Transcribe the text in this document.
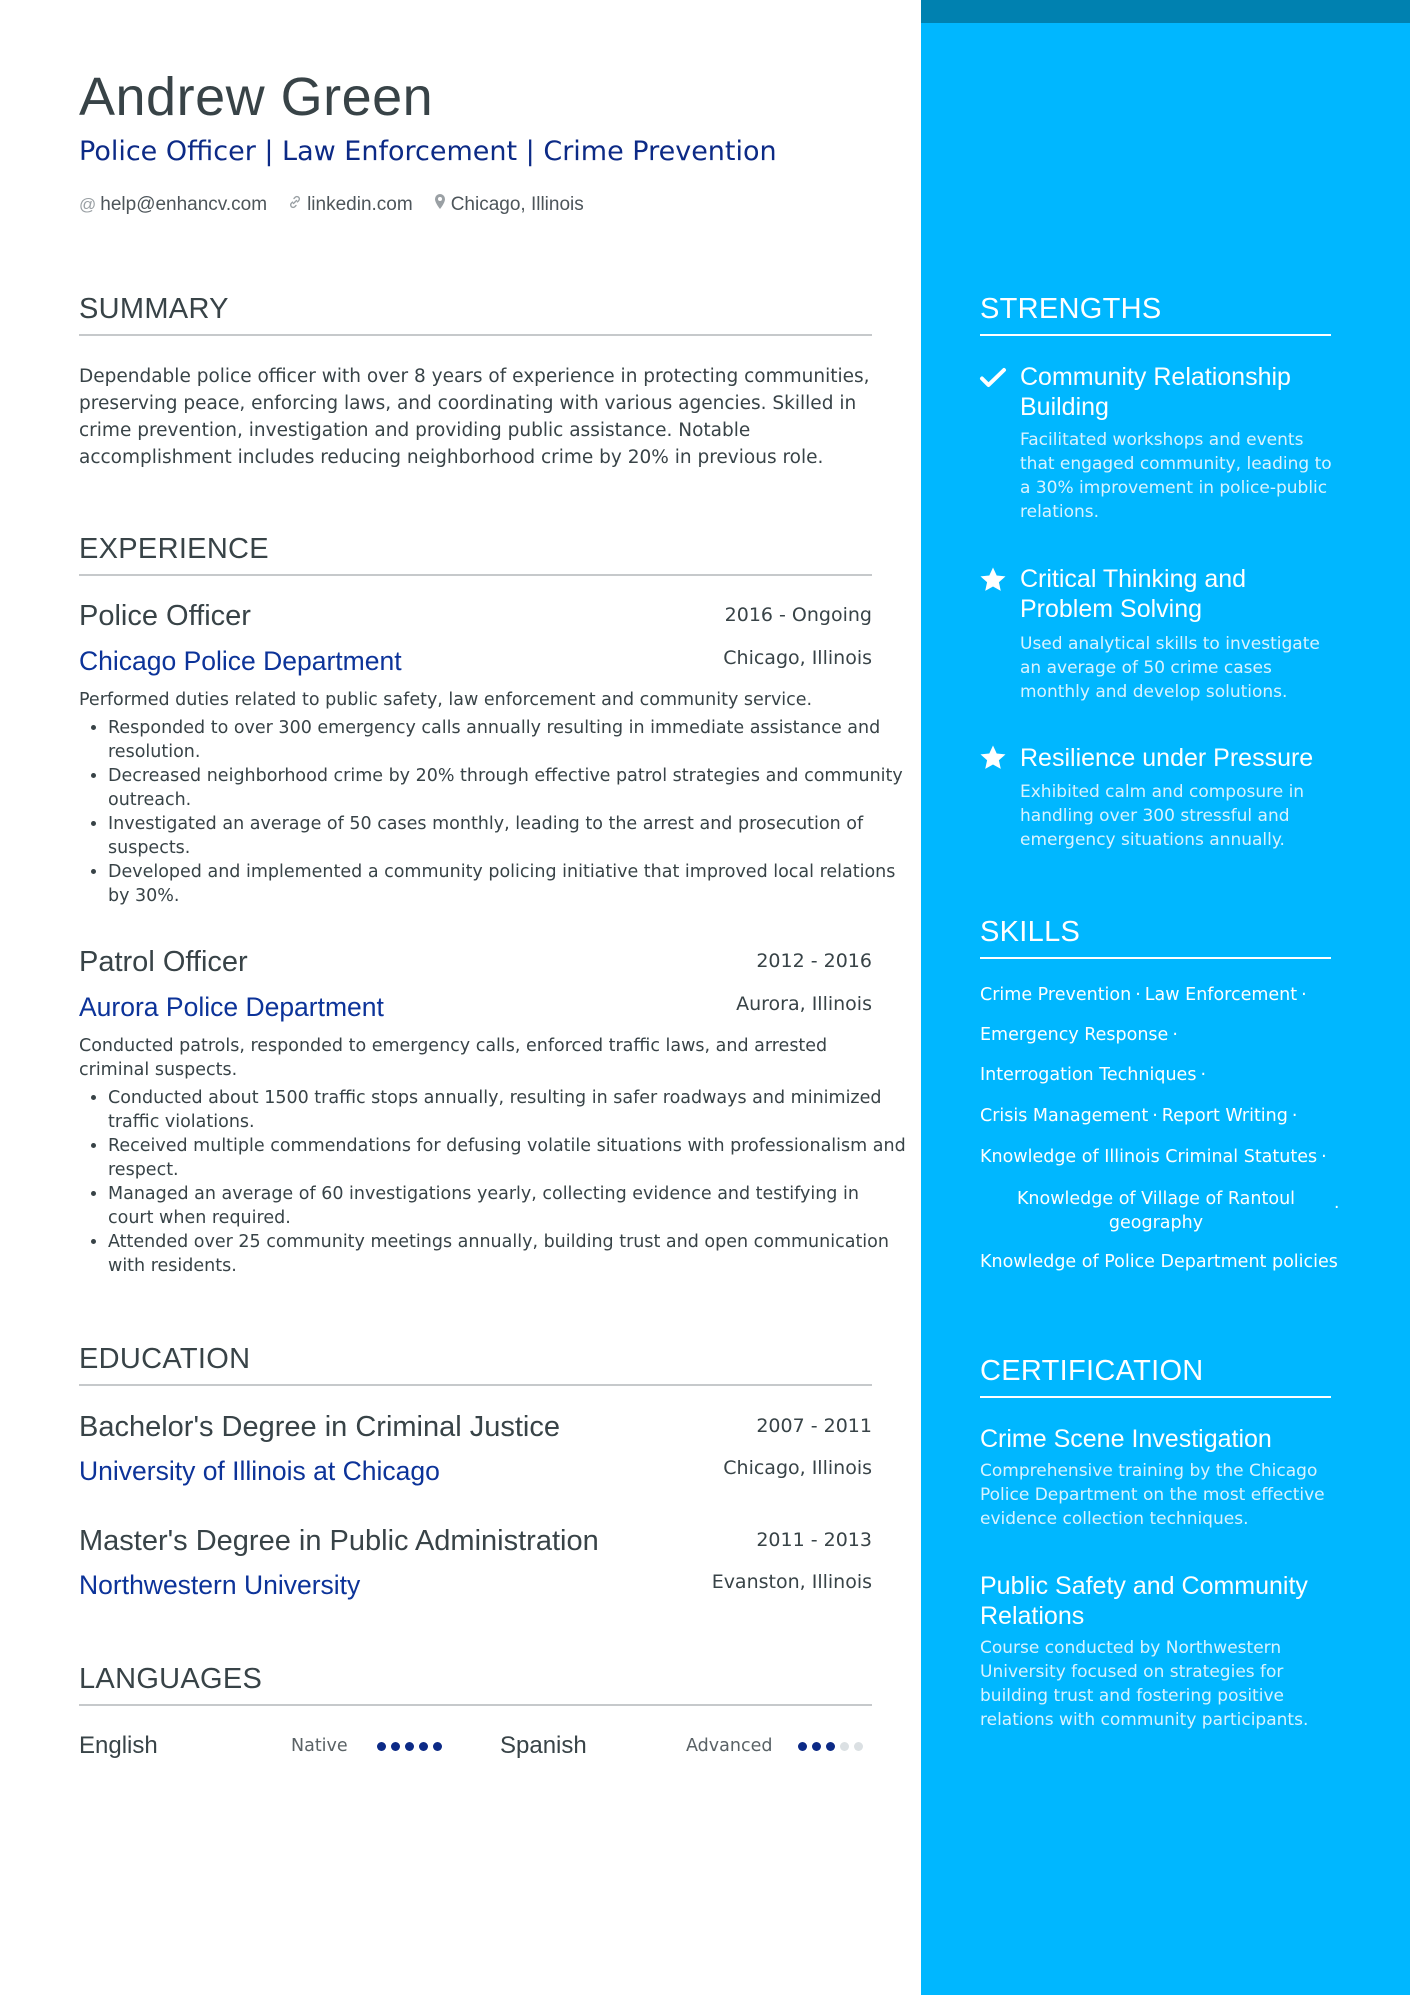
Andrew Green
Police Officer | Law Enforcement | Crime Prevention
@ help@enhancv.com linkedin.com Chicago, Illinois
SUMMARY

Dependable police officer with over 8 years of experience in protecting communities, preserving peace, enforcing laws, and coordinating with various agencies. Skilled in crime prevention, investigation and providing public assistance. Notable accomplishment includes reducing neighborhood crime by 20% in previous role.

EXPERIENCE
Police Officer	2016 - Ongoing
Chicago Police Department	Chicago, Illinois

Performed duties related to public safety, law enforcement and community service.

• Responded to over 300 emergency calls annually resulting in immediate assistance and resolution.
• Decreased neighborhood crime by 20% through effective patrol strategies and community outreach.
• Investigated an average of 50 cases monthly, leading to the arrest and prosecution of suspects.
• Developed and implemented a community policing initiative that improved local relations by 30%.
Patrol Officer	2012 - 2016
Aurora Police Department	Aurora, Illinois

Conducted patrols, responded to emergency calls, enforced traffic laws, and arrested criminal suspects.

• Conducted about 1500 traffic stops annually, resulting in safer roadways and minimized traffic violations.
• Received multiple commendations for defusing volatile situations with professionalism and respect.
• Managed an average of 60 investigations yearly, collecting evidence and testifying in court when required.
• Attended over 25 community meetings annually, building trust and open communication with residents.
EDUCATION
Bachelor's Degree in Criminal Justice	2007 - 2011
University of Illinois at Chicago	Chicago, Illinois
Master's Degree in Public Administration	2011 - 2013
Northwestern University	Evanston, Illinois
LANGUAGES
English	Native	Spanish	Advanced
STRENGTHS
Community Relationship Building

Facilitated workshops and events that engaged community, leading to a 30% improvement in police-public relations.

Critical Thinking and Problem Solving

Used analytical skills to investigate an average of 50 crime cases monthly and develop solutions.

Resilience under Pressure

Exhibited calm and composure in handling over 300 stressful and emergency situations annually.

SKILLS
Crime Prevention · Law Enforcement ·
Emergency Response ·
Interrogation Techniques ·
Crisis Management · Report Writing ·
Knowledge of Illinois Criminal Statutes ·
Knowledge of Village of Rantoul geography
·
Knowledge of Police Department policies
CERTIFICATION
Crime Scene Investigation

Comprehensive training by the Chicago Police Department on the most effective evidence collection techniques.

Public Safety and Community Relations

Course conducted by Northwestern University focused on strategies for building trust and fostering positive relations with community participants.
